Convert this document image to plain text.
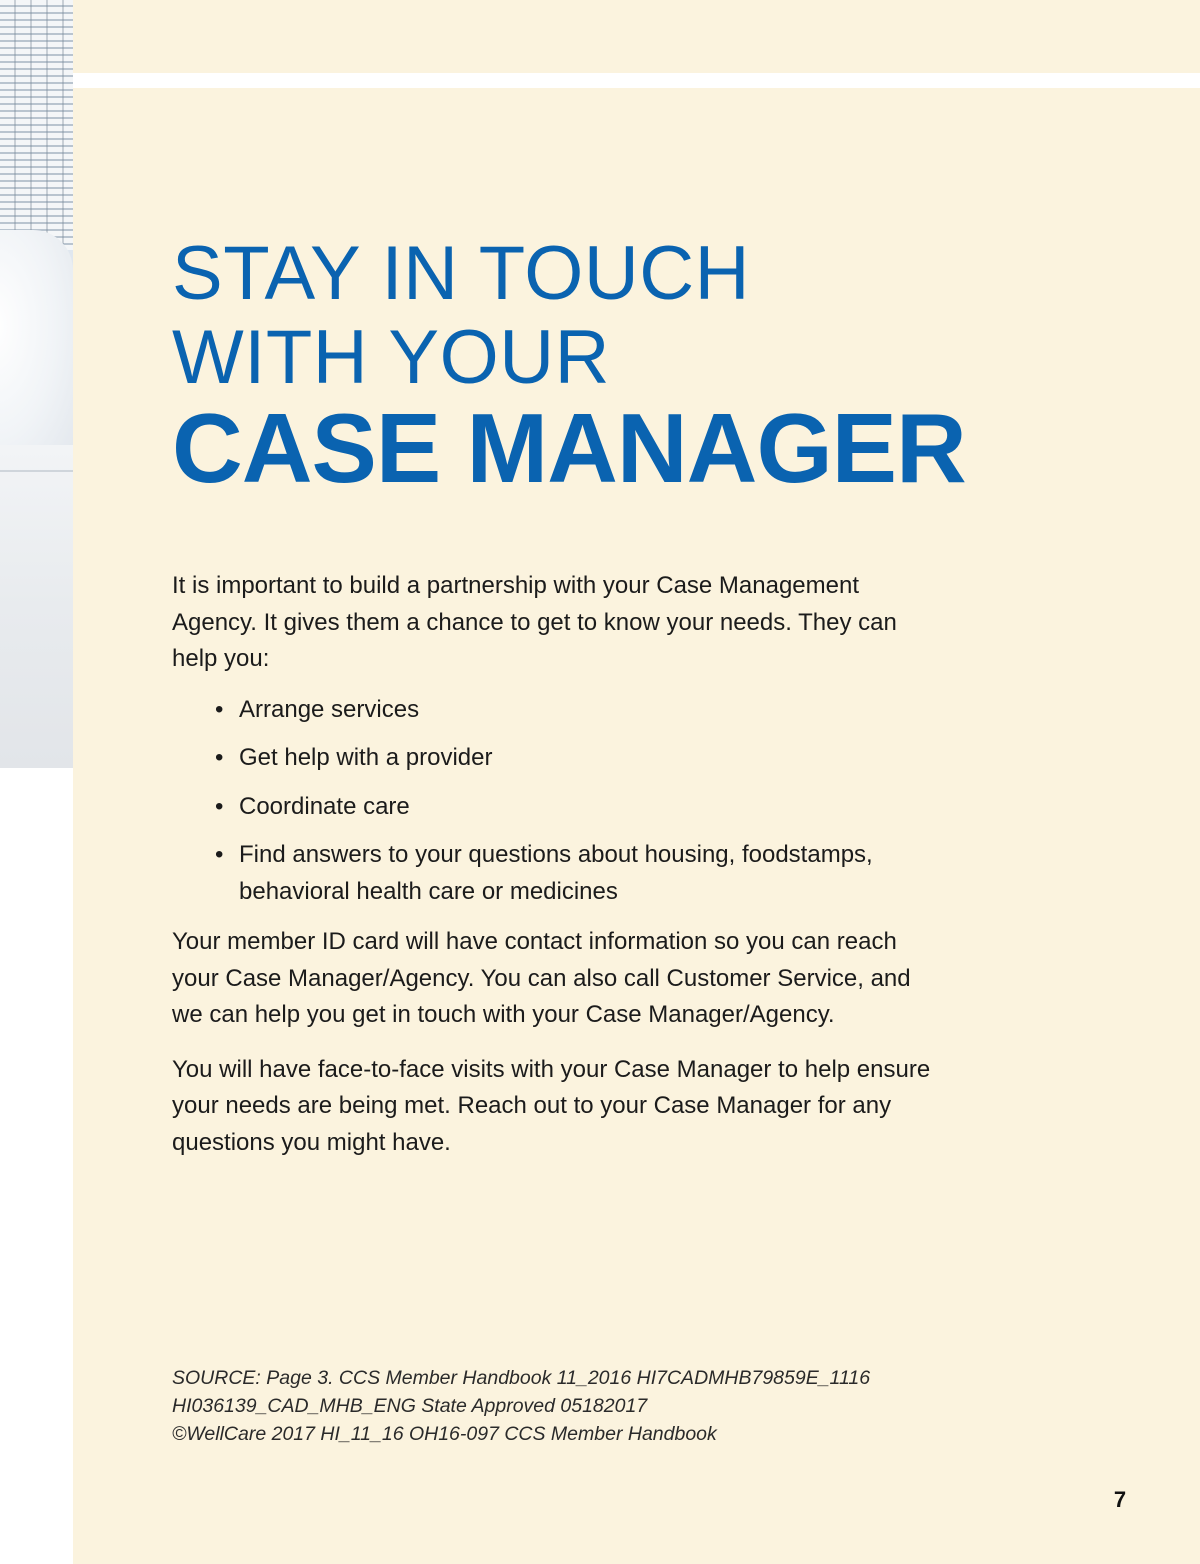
STAY IN TOUCH
WITH YOUR
CASE MANAGER

It is important to build a partnership with your Case Management Agency. It gives them a chance to get to know your needs. They can help you:

• Arrange services
• Get help with a provider
• Coordinate care
• Find answers to your questions about housing, foodstamps, behavioral health care or medicines

Your member ID card will have contact information so you can reach your Case Manager/Agency. You can also call Customer Service, and we can help you get in touch with your Case Manager/Agency.

You will have face-to-face visits with your Case Manager to help ensure your needs are being met. Reach out to your Case Manager for any questions you might have.

SOURCE: Page 3. CCS Member Handbook 11_2016 HI7CADMHB79859E_1116
HI036139_CAD_MHB_ENG State Approved 05182017
©WellCare 2017 HI_11_16 OH16-097 CCS Member Handbook
7
